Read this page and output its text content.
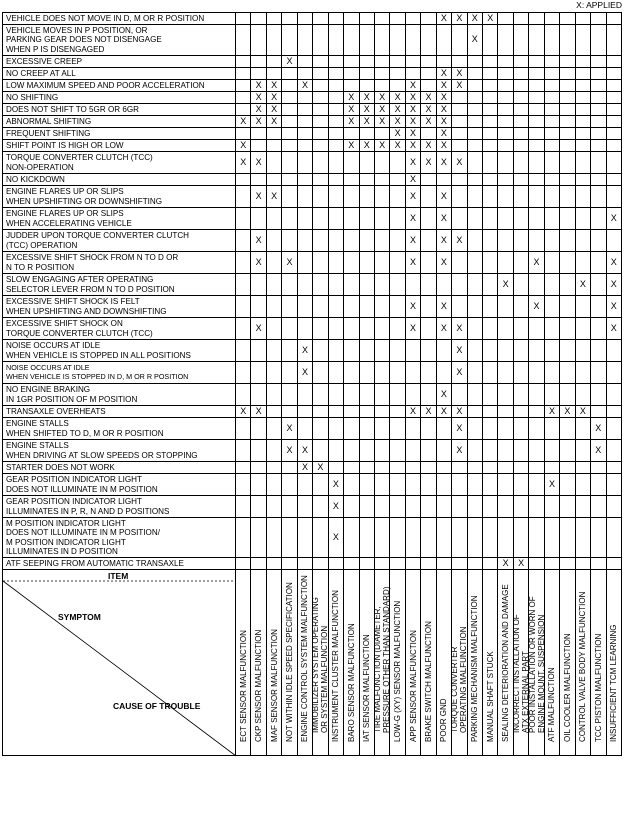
X: APPLIED
VEHICLE DOES NOT MOVE IN D, M OR R POSITION														X	X	X	X								
VEHICLE MOVES IN P POSITION, OR
PARKING GEAR DOES NOT DISENGAGE
WHEN P IS DISENGAGED																X									
EXCESSIVE CREEP				X																					
NO CREEP AT ALL														X	X										
LOW MAXIMUM SPEED AND POOR ACCELERATION		X	X		X							X		X	X										
NO SHIFTING		X	X					X	X	X	X	X	X	X											
DOES NOT SHIFT TO 5GR OR 6GR		X	X					X	X	X	X	X	X	X											
ABNORMAL SHIFTING	X	X	X					X	X	X	X	X	X	X											
FREQUENT SHIFTING											X	X		X											
SHIFT POINT IS HIGH OR LOW	X							X	X	X	X	X	X	X											
TORQUE CONVERTER CLUTCH (TCC)
NON-OPERATION	X	X										X	X	X	X										
NO KICKDOWN												X													
ENGINE FLARES UP OR SLIPS
WHEN UPSHIFTING OR DOWNSHIFTING		X	X									X		X											
ENGINE FLARES UP OR SLIPS
WHEN ACCELERATING VEHICLE												X		X											X
JUDDER UPON TORQUE CONVERTER CLUTCH
(TCC) OPERATION		X										X		X	X										
EXCESSIVE SHIFT SHOCK FROM N TO D OR
N TO R POSITION		X		X								X		X						X					X
SLOW ENGAGING AFTER OPERATING
SELECTOR LEVER FROM N TO D POSITION																		X					X		X
EXCESSIVE SHIFT SHOCK IS FELT
WHEN UPSHIFTING AND DOWNSHIFTING												X		X						X					X
EXCESSIVE SHIFT SHOCK ON
TORQUE CONVERTER CLUTCH (TCC)		X										X		X	X										X
NOISE OCCURS AT IDLE
WHEN VEHICLE IS STOPPED IN ALL POSITIONS					X										X										
NOISE OCCURS AT IDLE
WHEN VEHICLE IS STOPPED IN D, M OR R POSITION					X										X										
NO ENGINE BRAKING
IN 1GR POSITION OF M POSITION														X											
TRANSAXLE OVERHEATS	X	X										X	X	X	X						X	X	X		
ENGINE STALLS
WHEN SHIFTED TO D, M OR R POSITION				X											X									X	
ENGINE STALLS
WHEN DRIVING AT SLOW SPEEDS OR STOPPING				X	X										X									X	
STARTER DOES NOT WORK					X	X																			
GEAR POSITION INDICATOR LIGHT
DOES NOT ILLUMINATE IN M POSITION							X														X				
GEAR POSITION INDICATOR LIGHT
ILLUMINATES IN P, R, N AND D POSITIONS							X																		
M POSITION INDICATOR LIGHT
DOES NOT ILLUMINATE IN M POSITION/
M POSITION INDICATOR LIGHT
ILLUMINATES IN D POSITION							X																		
ATF SEEPING FROM AUTOMATIC TRANSAXLE																		X	X						

ITEM
SYMPTOM
CAUSE OF TROUBLE	ECT SENSOR MALFUNCTION	CKP SENSOR MALFUNCTION	MAF SENSOR MALFUNCTION	NOT WITHIN IDLE SPEED SPECIFICATION	ENGINE CONTROL SYSTEM MALFUNCTION	IMMOBILIZER SYSTEM OPERATING
OR SYSTEM MALFUNCTION	INSTRUMENT CLUSTER MALFUNCTION	BARO SENSOR MALFUNCTION	IAT SENSOR MALFUNCTION	TIRE MALFUNCTION (DIAMETER,
PRESSURE OTHER THAN STANDARD)	LOW-G (XY) SENSOR MALFUNCTION	APP SENSOR MALFUNCTION	BRAKE SWITCH MALFUNCTION	POOR GND	TORQUE CONVERTER
OPERATING MALFUNCTION	PARKING MECHANISM MALFUNCTION	MANUAL SHAFT STUCK	SEALING DETERIORATION AND DAMAGE	INCORRECT INSTALLATION OF
ATX EXTERNAL PART	POOR INSTALLATION OR WORN OF
ENGINE MOUNT, SUSPENSION	ATF MALFUNCTION	OIL COOLER MALFUNCTION	CONTROL VALVE BODY MALFUNCTION	TCC PISTON MALFUNCTION	INSUFFICIENT TCM LEARNING
